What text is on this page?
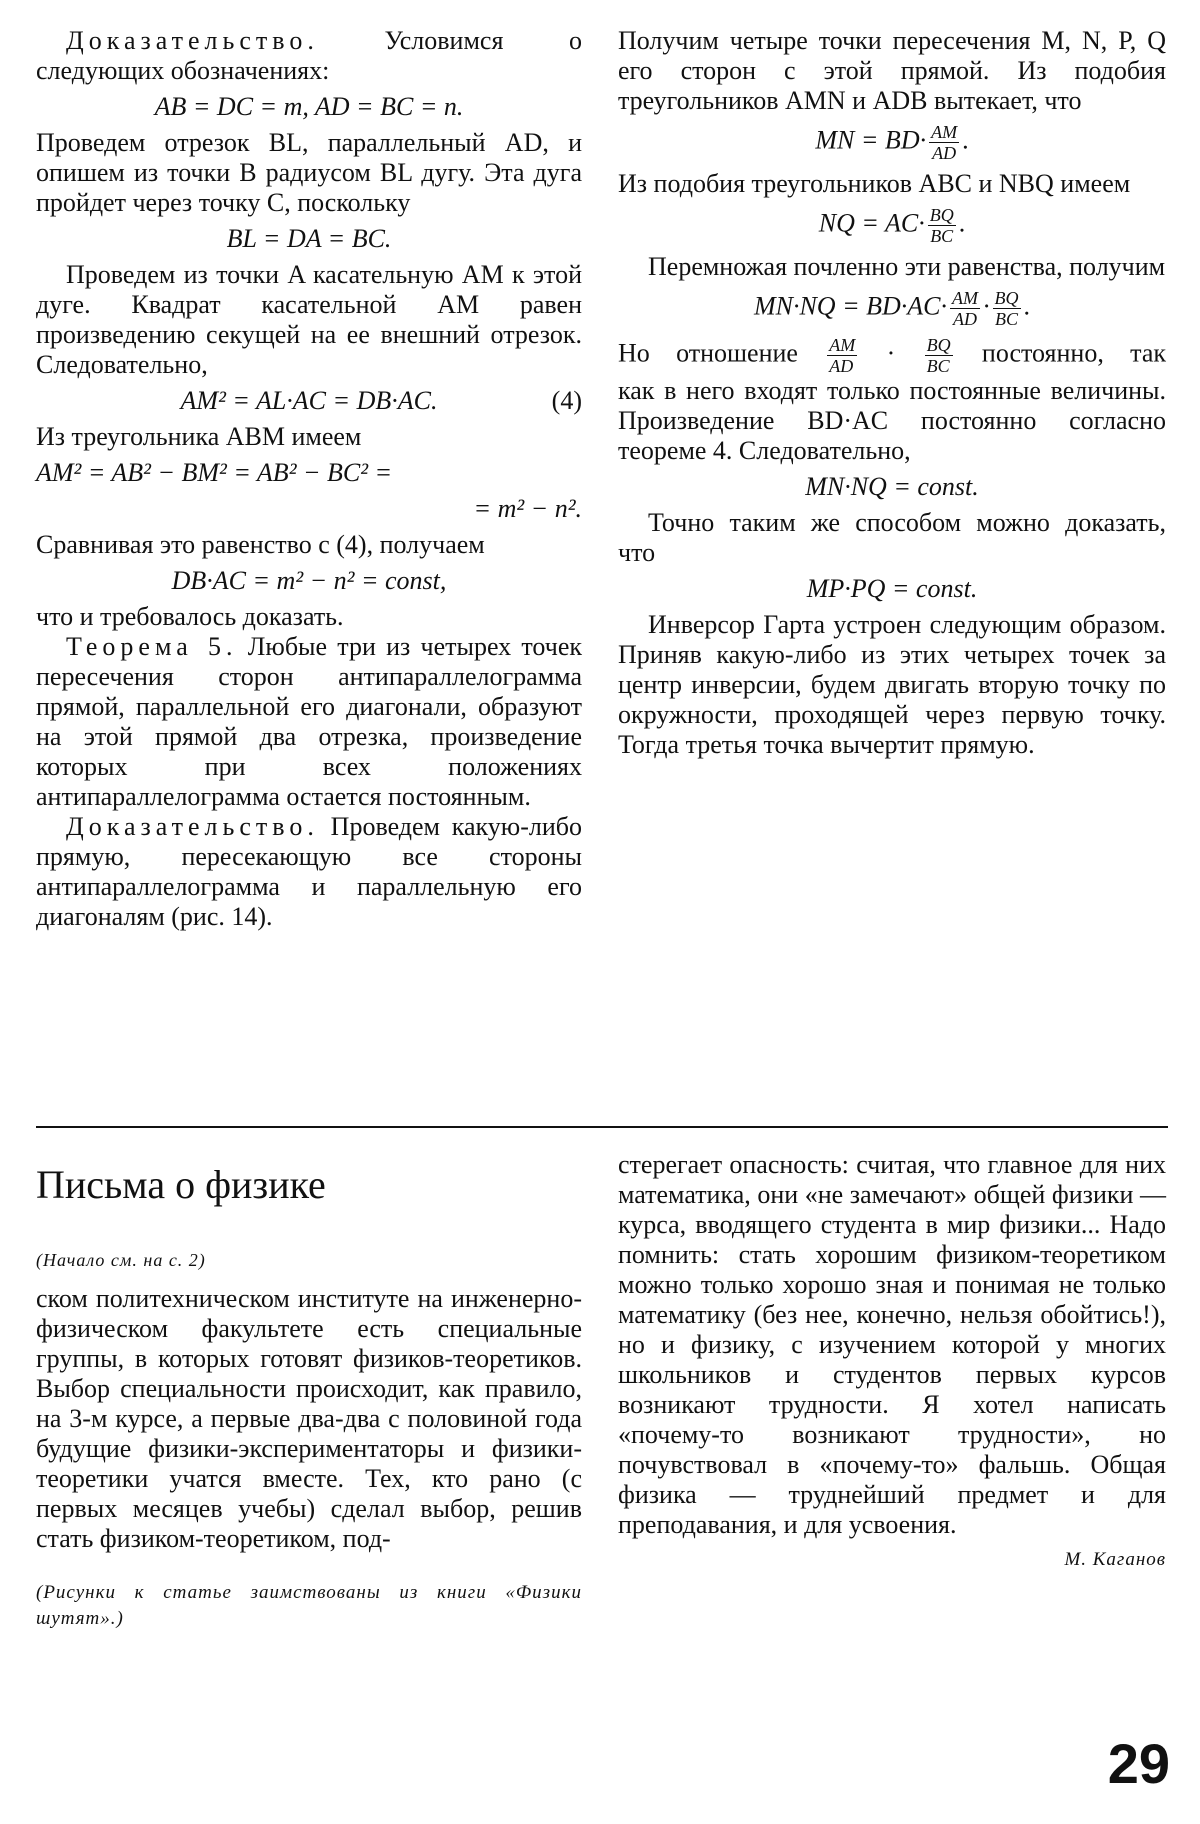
Доказательство. Условимся о следующих обозначениях:

AB = DC = m, AD = BC = n.

Проведем отрезок BL, параллельный AD, и опишем из точки B радиусом BL дугу. Эта дуга пройдет через точку C, поскольку

BL = DA = BC.

Проведем из точки A касательную AM к этой дуге. Квадрат касательной AM равен произведению секущей на ее внешний отрезок. Следовательно,

AM² = AL·AC = DB·AC.	(4)

Из треугольника ABM имеем

AM² = AB² − BM² = AB² − BC² =
= m² − n².

Сравнивая это равенство с (4), получаем

DB·AC = m² − n² = const,

что и требовалось доказать.

Теорема 5. Любые три из четырех точек пересечения сторон антипараллелограмма прямой, параллельной его диагонали, образуют на этой прямой два отрезка, произведение которых при всех положениях антипараллелограмма остается постоянным.

Доказательство. Проведем какую-либо прямую, пересекающую все стороны антипараллелограмма и параллельную его диагоналям (рис. 14).

Получим четыре точки пересечения M, N, P, Q его сторон с этой прямой. Из подобия треугольников AMN и ADB вытекает, что

MN = $BD\cdot \frac{AM}{AD}$ .

Из подобия треугольников ABC и NBQ имеем

NQ = $AC\cdot \frac{BQ}{BC}$ .

Перемножая почленно эти равенства, получим

$MN\cdot NQ = BD\cdot AC\cdot \frac{AM}{AD} \cdot \frac{BQ}{BC}$ .

Но отношение $\frac{AM}{AD} \cdot \frac{BQ}{BC}$ постоянно, так

как в него входят только постоянные величины. Произведение BD·AC постоянно согласно теореме 4. Следовательно,

MN·NQ = const.

Точно таким же способом можно доказать, что

MP·PQ = const.

Инверсор Гарта устроен следующим образом. Приняв какую-либо из этих четырех точек за центр инверсии, будем двигать вторую точку по окружности, проходящей через первую точку. Тогда третья точка вычертит прямую.

Письма о физике
(Начало см. на с. 2)

ском политехническом институте на инженерно-физическом факультете есть специальные группы, в которых готовят физиков-теоретиков. Выбор специальности происходит, как правило, на 3-м курсе, а первые два-два с половиной года будущие физики-экспериментаторы и физики-теоретики учатся вместе. Тех, кто рано (с первых месяцев учебы) сделал выбор, решив стать физиком-теоретиком, под-

(Рисунки к статье заимствованы из книги «Физики шутят».)

стерегает опасность: считая, что главное для них математика, они «не замечают» общей физики — курса, вводящего студента в мир физики... Надо помнить: стать хорошим физиком-теоретиком можно только хорошо зная и понимая не только математику (без нее, конечно, нельзя обойтись!), но и физику, с изучением которой у многих школьников и студентов первых курсов возникают трудности. Я хотел написать «почему-то возникают трудности», но почувствовал в «почему-то» фальшь. Общая физика — труднейший предмет и для преподавания, и для усвоения.

М. Каганов
29
